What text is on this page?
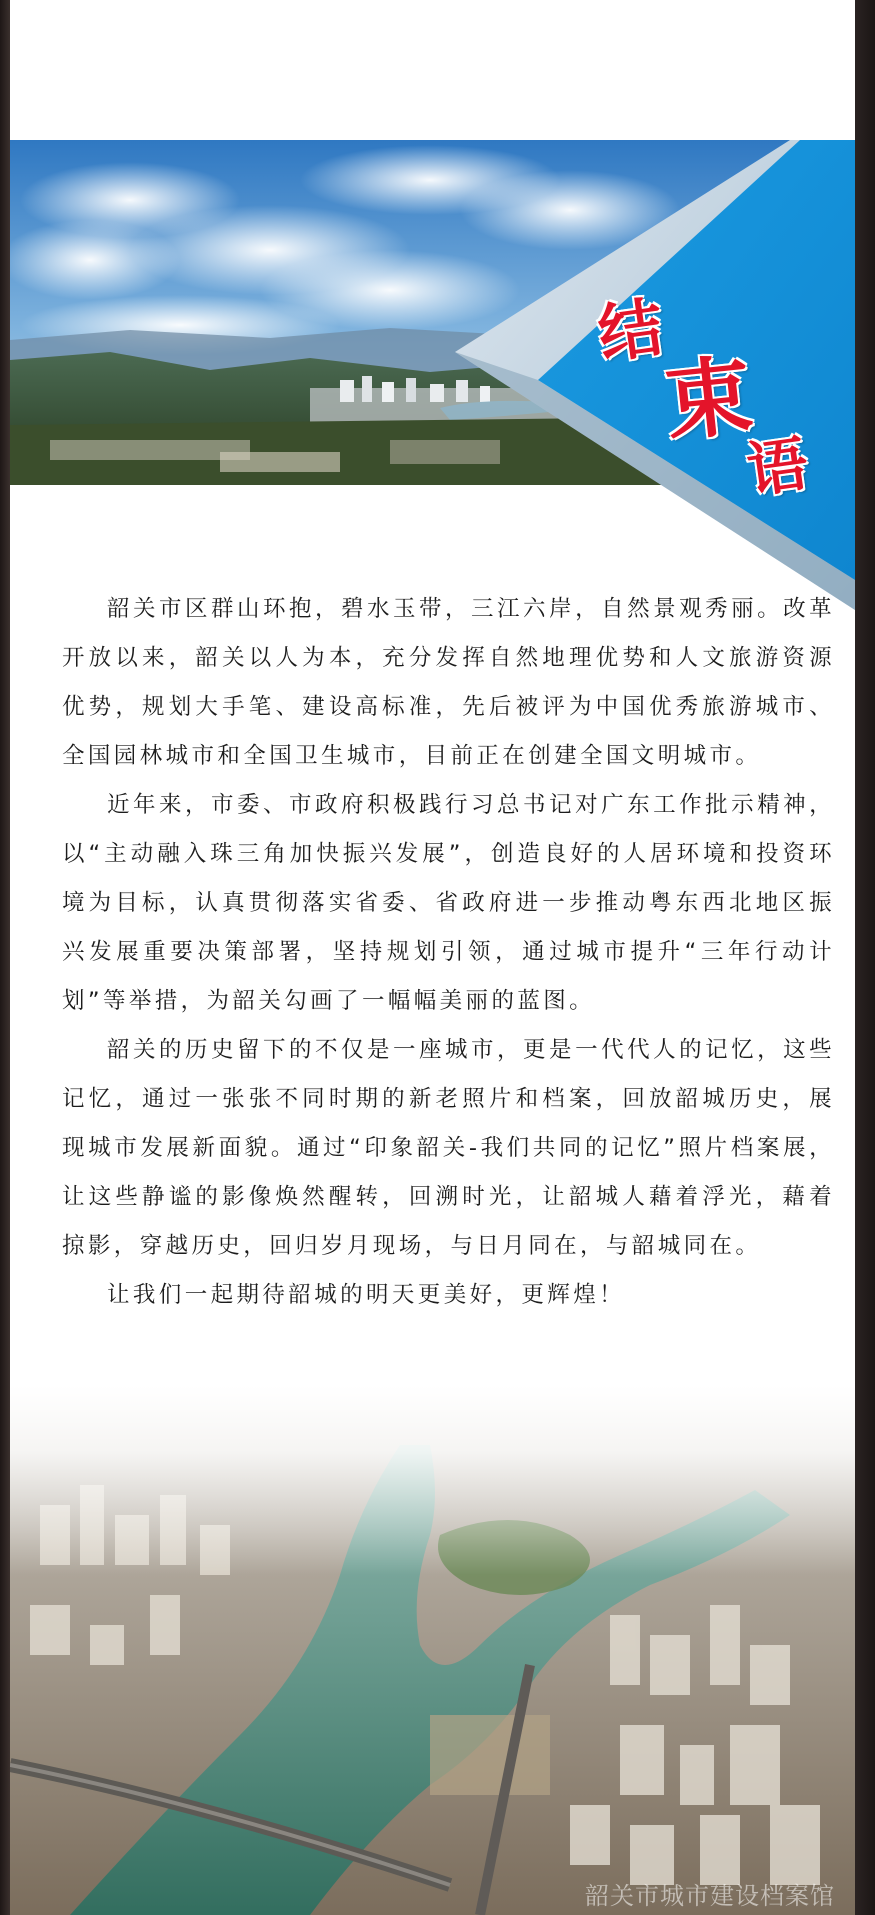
结
束
语

韶关市区群山环抱，碧水玉带，三江六岸，自然景观秀丽。改革开放以来，韶关以人为本，充分发挥自然地理优势和人文旅游资源优势，规划大手笔、建设高标准，先后被评为中国优秀旅游城市、全国园林城市和全国卫生城市，目前正在创建全国文明城市。

近年来，市委、市政府积极践行习总书记对广东工作批示精神，以“主动融入珠三角加快振兴发展”，创造良好的人居环境和投资环境为目标，认真贯彻落实省委、省政府进一步推动粤东西北地区振兴发展重要决策部署，坚持规划引领，通过城市提升“三年行动计划”等举措，为韶关勾画了一幅幅美丽的蓝图。

韶关的历史留下的不仅是一座城市，更是一代代人的记忆，这些记忆，通过一张张不同时期的新老照片和档案，回放韶城历史，展现城市发展新面貌。通过“印象韶关-我们共同的记忆”照片档案展，让这些静谧的影像焕然醒转，回溯时光，让韶城人藉着浮光，藉着掠影，穿越历史，回归岁月现场，与日月同在，与韶城同在。

让我们一起期待韶城的明天更美好，更辉煌！

韶关市城市建设档案馆
